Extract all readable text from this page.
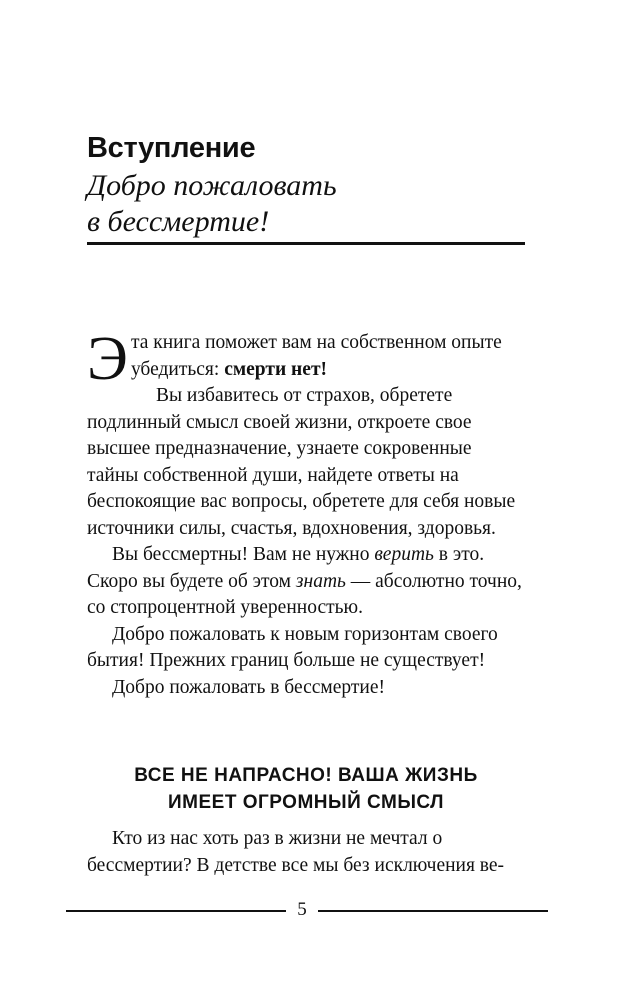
Вступление
Добро пожаловать
в бессмертие!

Эта книга поможет вам на собственном опыте убедиться: смерти нет!

Вы избавитесь от страхов, обретете подлинный смысл своей жизни, откроете свое высшее предназначение, узнаете сокровенные тайны собственной души, найдете ответы на беспокоящие вас вопросы, обретете для себя новые источники силы, счастья, вдохновения, здоровья.

Вы бессмертны! Вам не нужно верить в это. Скоро вы будете об этом знать — абсолютно точно, со стопроцентной уверенностью.

Добро пожаловать к новым горизонтам своего бытия! Прежних границ больше не существует!

Добро пожаловать в бессмертие!

ВСЕ НЕ НАПРАСНО! ВАША ЖИЗНЬ
ИМЕЕТ ОГРОМНЫЙ СМЫСЛ

Кто из нас хоть раз в жизни не мечтал о бессмертии? В детстве все мы без исключения ве-

5
